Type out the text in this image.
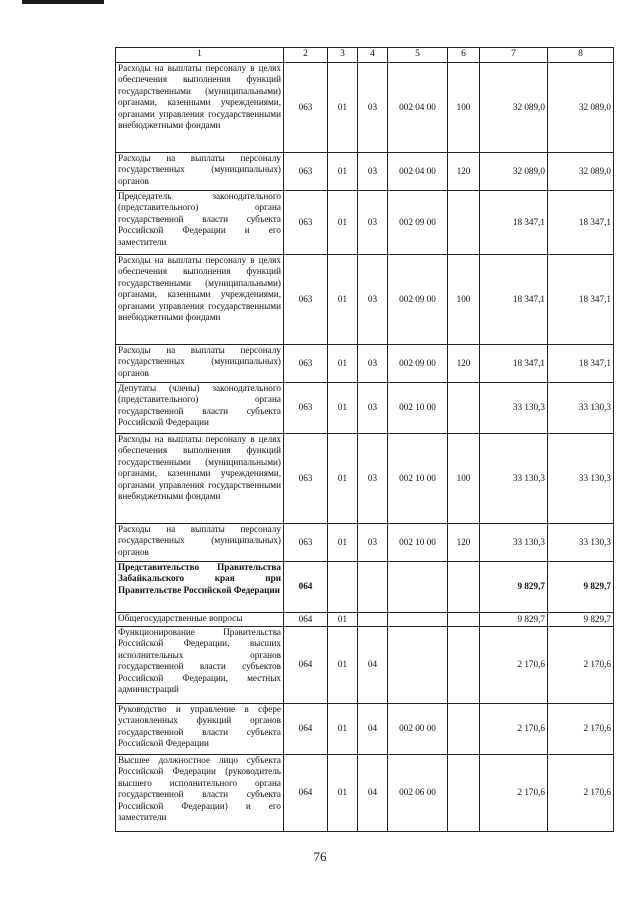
1	2	3	4	5	6	7	8
Расходы на выплаты персоналу в целях обеспечения выполнения функций государственными (муниципальными) органами, казенными учреждениями, органами управления государственными внебюджетными фондами	063	01	03	002 04 00	100	32 089,0	32 089,0
Расходы на выплаты персоналу государственных (муниципальных) органов	063	01	03	002 04 00	120	32 089,0	32 089,0
Председатель законодательного (представительного) органа государственной власти субъекта Российской Федерации и его заместители	063	01	03	002 09 00		18 347,1	18 347,1
Расходы на выплаты персоналу в целях обеспечения выполнения функций государственными (муниципальными) органами, казенными учреждениями, органами управления государственными внебюджетными фондами	063	01	03	002 09 00	100	18 347,1	18 347,1
Расходы на выплаты персоналу государственных (муниципальных) органов	063	01	03	002 09 00	120	18 347,1	18 347,1
Депутаты (члены) законодательного (представительного) органа государственной власти субъекта Российской Федерации	063	01	03	002 10 00		33 130,3	33 130,3
Расходы на выплаты персоналу в целях обеспечения выполнения функций государственными (муниципальными) органами, казенными учреждениями, органами управления государственными внебюджетными фондами	063	01	03	002 10 00	100	33 130,3	33 130,3
Расходы на выплаты персоналу государственных (муниципальных) органов	063	01	03	002 10 00	120	33 130,3	33 130,3
Представительство Правительства Забайкальского края при Правительстве Российской Федерации	064					9 829,7	9 829,7
Общегосударственные вопросы	064	01				9 829,7	9 829,7
Функционирование Правительства Российской Федерации, высших исполнительных органов государственной власти субъектов Российской Федерации, местных администраций	064	01	04			2 170,6	2 170,6
Руководство и управление в сфере установленных функций органов государственной власти субъекта Российской Федерации	064	01	04	002 00 00		2 170,6	2 170,6
Высшее должностное лицо субъекта Российской Федерации (руководитель высшего исполнительного органа государственной власти субъекта Российской Федерации) и его заместители	064	01	04	002 06 00		2 170,6	2 170,6
76
